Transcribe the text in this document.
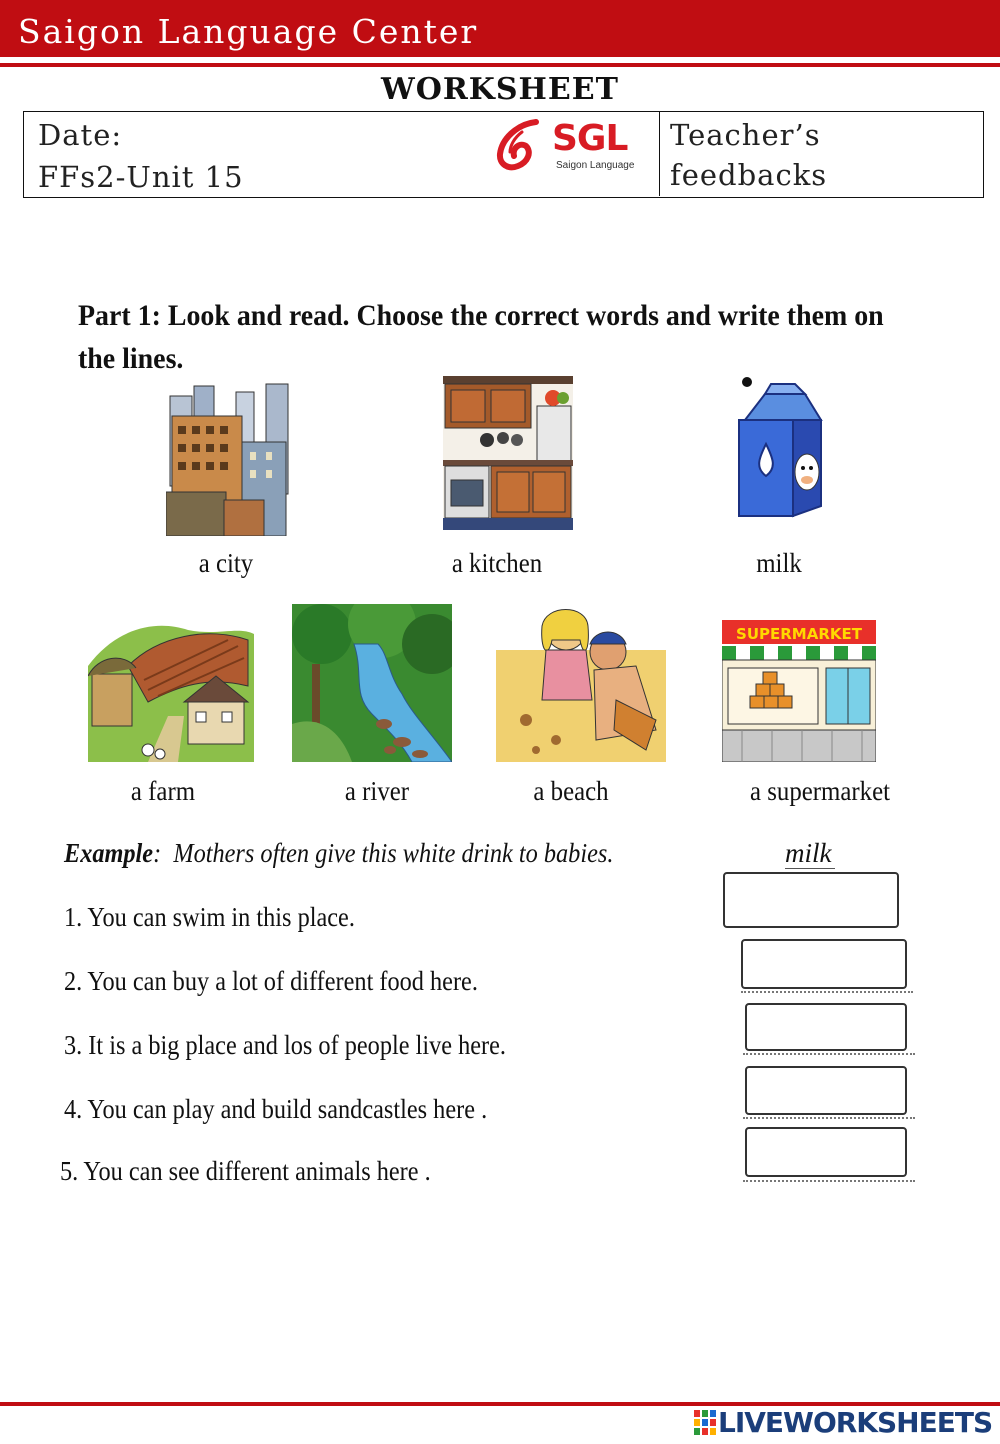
Saigon Language Center
WORKSHEET
Date:
FFs2-Unit 15
SGL
Saigon Language
Teacher’s
feedbacks
Part 1: Look and read. Choose the correct words and write them on the lines.
a city	a kitchen	milk
SUPERMARKET
a farm	a river	a beach	a supermarket
Example:  Mothers often give this white drink to babies.	milk
1. You can swim in this place.
2. You can buy a lot of different food here.
3. It is a big place and los of people live here.
4. You can play and build sandcastles here .
5. You can see different animals here .
LIVEWORKSHEETS
